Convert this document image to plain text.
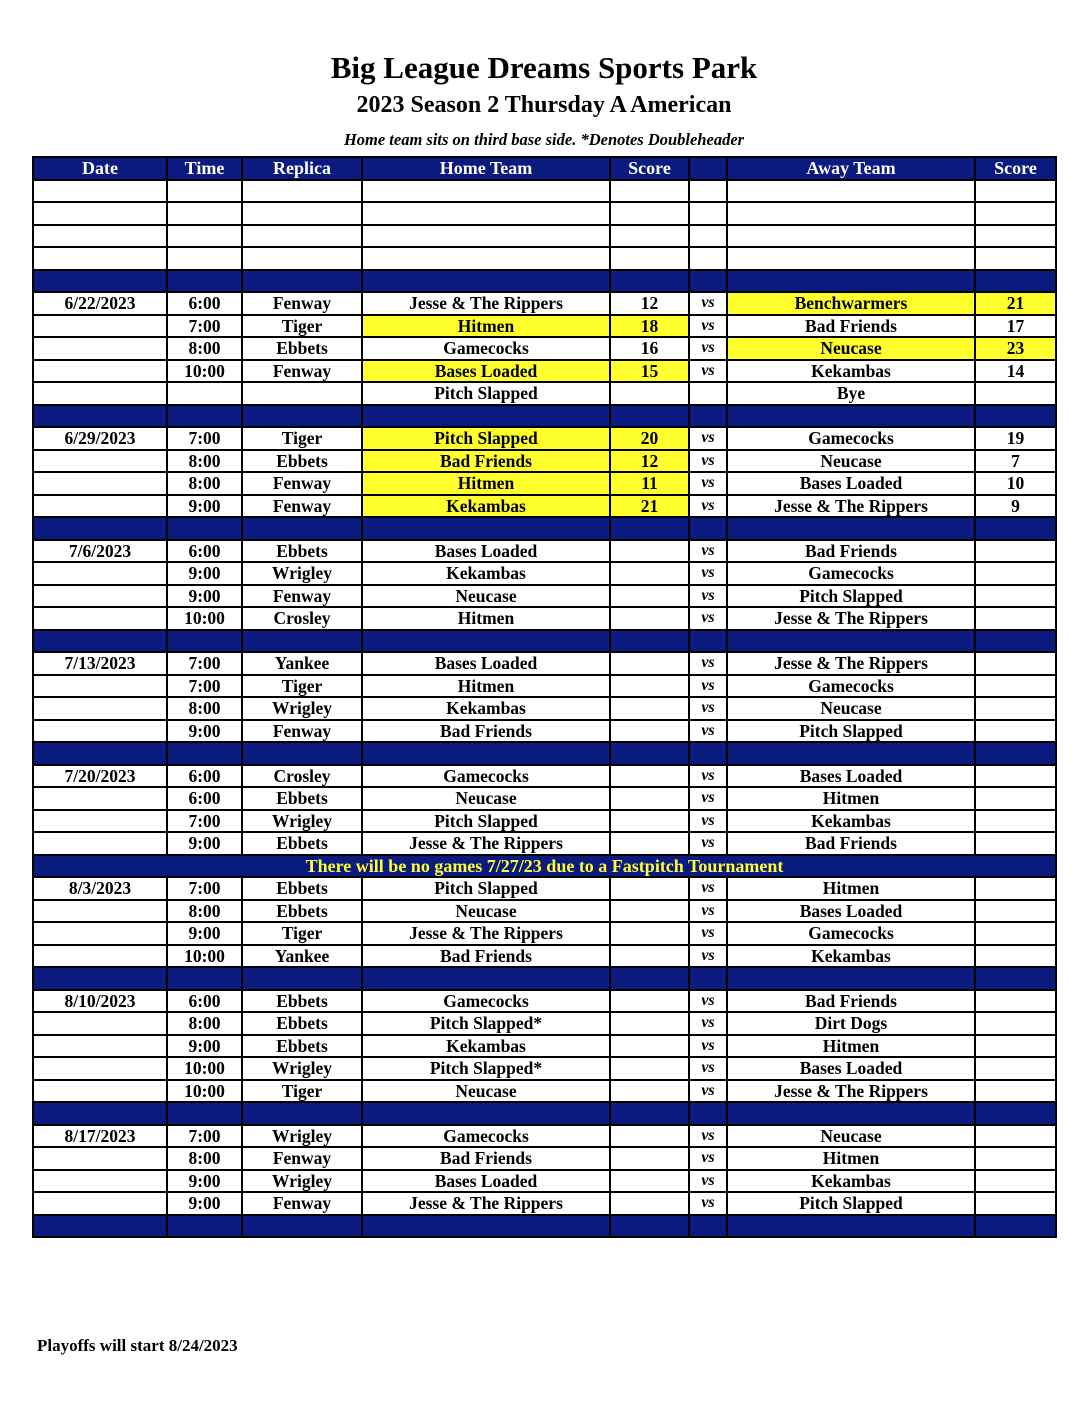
Big League Dreams Sports Park
2023 Season 2 Thursday A American
Home team sits on third base side. *Denotes Doubleheader
Date	Time	Replica	Home Team	Score		Away Team	Score

6/22/2023	6:00	Fenway	Jesse & The Rippers	12	vs	Benchwarmers	21
	7:00	Tiger	Hitmen	18	vs	Bad Friends	17
	8:00	Ebbets	Gamecocks	16	vs	Neucase	23
	10:00	Fenway	Bases Loaded	15	vs	Kekambas	14
			Pitch Slapped			Bye	

6/29/2023	7:00	Tiger	Pitch Slapped	20	vs	Gamecocks	19
	8:00	Ebbets	Bad Friends	12	vs	Neucase	7
	8:00	Fenway	Hitmen	11	vs	Bases Loaded	10
	9:00	Fenway	Kekambas	21	vs	Jesse & The Rippers	9

7/6/2023	6:00	Ebbets	Bases Loaded		vs	Bad Friends	
	9:00	Wrigley	Kekambas		vs	Gamecocks	
	9:00	Fenway	Neucase		vs	Pitch Slapped	
	10:00	Crosley	Hitmen		vs	Jesse & The Rippers	

7/13/2023	7:00	Yankee	Bases Loaded		vs	Jesse & The Rippers	
	7:00	Tiger	Hitmen		vs	Gamecocks	
	8:00	Wrigley	Kekambas		vs	Neucase	
	9:00	Fenway	Bad Friends		vs	Pitch Slapped	

7/20/2023	6:00	Crosley	Gamecocks		vs	Bases Loaded	
	6:00	Ebbets	Neucase		vs	Hitmen	
	7:00	Wrigley	Pitch Slapped		vs	Kekambas	
	9:00	Ebbets	Jesse & The Rippers		vs	Bad Friends	
There will be no games 7/27/23 due to a Fastpitch Tournament							
8/3/2023	7:00	Ebbets	Pitch Slapped		vs	Hitmen	
	8:00	Ebbets	Neucase		vs	Bases Loaded	
	9:00	Tiger	Jesse & The Rippers		vs	Gamecocks	
	10:00	Yankee	Bad Friends		vs	Kekambas	

8/10/2023	6:00	Ebbets	Gamecocks		vs	Bad Friends	
	8:00	Ebbets	Pitch Slapped*		vs	Dirt Dogs	
	9:00	Ebbets	Kekambas		vs	Hitmen	
	10:00	Wrigley	Pitch Slapped*		vs	Bases Loaded	
	10:00	Tiger	Neucase		vs	Jesse & The Rippers	

8/17/2023	7:00	Wrigley	Gamecocks		vs	Neucase	
	8:00	Fenway	Bad Friends		vs	Hitmen	
	9:00	Wrigley	Bases Loaded		vs	Kekambas	
	9:00	Fenway	Jesse & The Rippers		vs	Pitch Slapped	

Playoffs will start 8/24/2023
